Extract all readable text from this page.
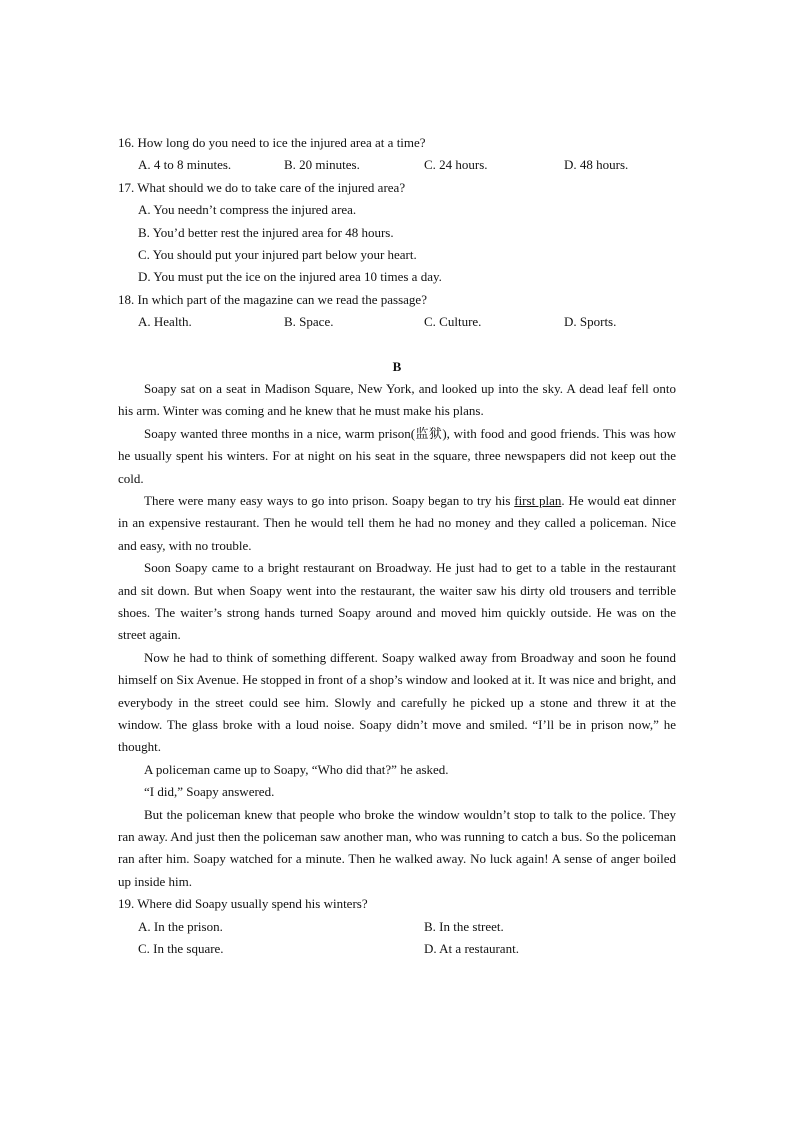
16. How long do you need to ice the injured area at a time?
A. 4 to 8 minutes.	B. 20 minutes.	C. 24 hours.	D. 48 hours.
17. What should we do to take care of the injured area?
A. You needn’t compress the injured area.
B. You’d better rest the injured area for 48 hours.
C. You should put your injured part below your heart.
D. You must put the ice on the injured area 10 times a day.
18. In which part of the magazine can we read the passage?
A. Health.	B. Space.	C. Culture.	D. Sports.
B

Soapy sat on a seat in Madison Square, New York, and looked up into the sky. A dead leaf fell onto his arm. Winter was coming and he knew that he must make his plans.

Soapy wanted three months in a nice, warm prison(监狱), with food and good friends. This was how he usually spent his winters. For at night on his seat in the square, three newspapers did not keep out the cold.

There were many easy ways to go into prison. Soapy began to try his first plan. He would eat dinner in an expensive restaurant. Then he would tell them he had no money and they called a policeman. Nice and easy, with no trouble.

Soon Soapy came to a bright restaurant on Broadway. He just had to get to a table in the restaurant and sit down. But when Soapy went into the restaurant, the waiter saw his dirty old trousers and terrible shoes. The waiter’s strong hands turned Soapy around and moved him quickly outside. He was on the street again.

Now he had to think of something different. Soapy walked away from Broadway and soon he found himself on Six Avenue. He stopped in front of a shop’s window and looked at it. It was nice and bright, and everybody in the street could see him. Slowly and carefully he picked up a stone and threw it at the window. The glass broke with a loud noise. Soapy didn’t move and smiled. “I’ll be in prison now,” he thought.

A policeman came up to Soapy, “Who did that?” he asked.

“I did,” Soapy answered.

But the policeman knew that people who broke the window wouldn’t stop to talk to the police. They ran away. And just then the policeman saw another man, who was running to catch a bus. So the policeman ran after him. Soapy watched for a minute. Then he walked away. No luck again! A sense of anger boiled up inside him.

19. Where did Soapy usually spend his winters?
A. In the prison.	B. In the street.
C. In the square.	D. At a restaurant.
